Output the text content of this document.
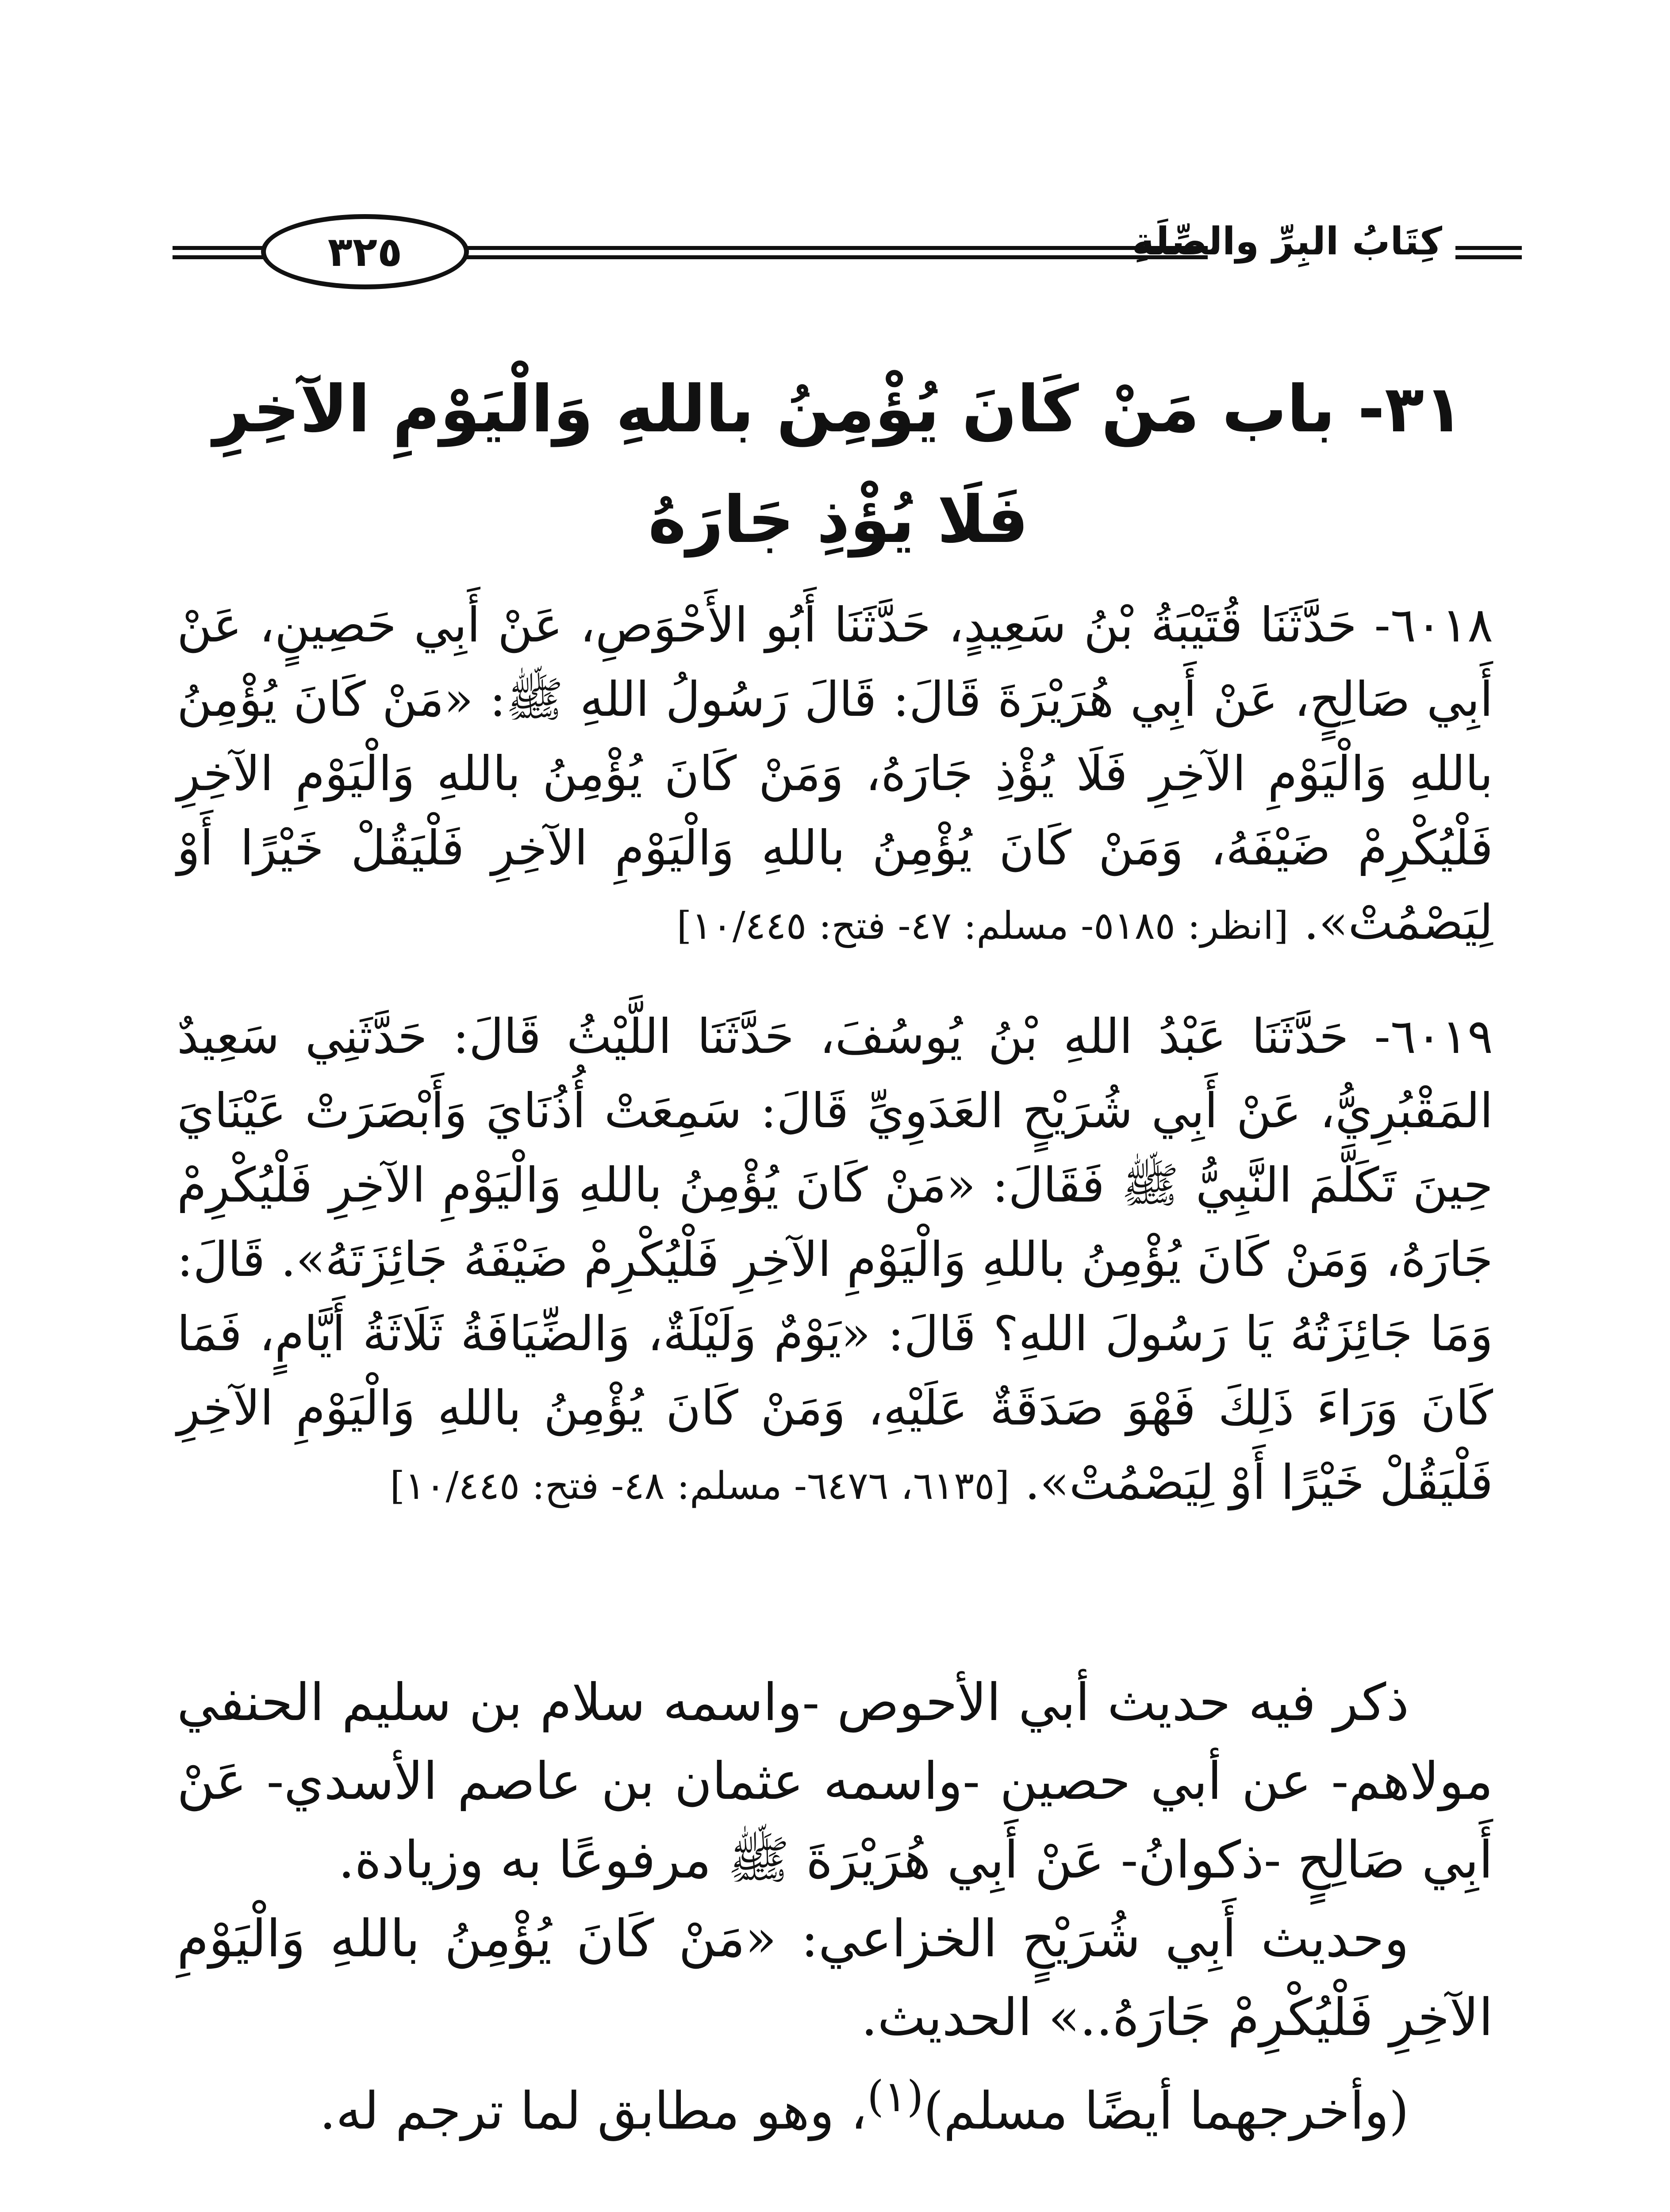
٣٢٥	كِتَابُ البِرِّ والصِّلَةِ
٣١- باب مَنْ كَانَ يُؤْمِنُ باللهِ وَالْيَوْمِ الآخِرِ
فَلَا يُؤْذِ جَارَهُ
٦٠١٨- حَدَّثَنَا قُتَيْبَةُ بْنُ سَعِيدٍ، حَدَّثَنَا أَبُو الأَحْوَصِ، عَنْ أَبِي حَصِينٍ، عَنْ أَبِي صَالِحٍ، عَنْ أَبِي هُرَيْرَةَ قَالَ: قَالَ رَسُولُ اللهِ ﷺ: «مَنْ كَانَ يُؤْمِنُ باللهِ وَالْيَوْمِ الآخِرِ فَلَا يُؤْذِ جَارَهُ، وَمَنْ كَانَ يُؤْمِنُ باللهِ وَالْيَوْمِ الآخِرِ فَلْيُكْرِمْ ضَيْفَهُ، وَمَنْ كَانَ يُؤْمِنُ باللهِ وَالْيَوْمِ الآخِرِ فَلْيَقُلْ خَيْرًا أَوْ لِيَصْمُتْ». [انظر: ٥١٨٥- مسلم: ٤٧- فتح: ١٠/٤٤٥]
٦٠١٩- حَدَّثَنَا عَبْدُ اللهِ بْنُ يُوسُفَ، حَدَّثَنَا اللَّيْثُ قَالَ: حَدَّثَنِي سَعِيدٌ المَقْبُرِيُّ، عَنْ أَبِي شُرَيْحٍ العَدَوِيِّ قَالَ: سَمِعَتْ أُذُنَايَ وَأَبْصَرَتْ عَيْنَايَ حِينَ تَكَلَّمَ النَّبِيُّ ﷺ فَقَالَ: «مَنْ كَانَ يُؤْمِنُ باللهِ وَالْيَوْمِ الآخِرِ فَلْيُكْرِمْ جَارَهُ، وَمَنْ كَانَ يُؤْمِنُ باللهِ وَالْيَوْمِ الآخِرِ فَلْيُكْرِمْ ضَيْفَهُ جَائِزَتَهُ». قَالَ: وَمَا جَائِزَتُهُ يَا رَسُولَ اللهِ؟ قَالَ: «يَوْمٌ وَلَيْلَةٌ، وَالضِّيَافَةُ ثَلَاثَةُ أَيَّامٍ، فَمَا كَانَ وَرَاءَ ذَلِكَ فَهْوَ صَدَقَةٌ عَلَيْهِ، وَمَنْ كَانَ يُؤْمِنُ باللهِ وَالْيَوْمِ الآخِرِ فَلْيَقُلْ خَيْرًا أَوْ لِيَصْمُتْ». [٦١٣٥، ٦٤٧٦- مسلم: ٤٨- فتح: ١٠/٤٤٥]

ذكر فيه حديث أبي الأحوص -واسمه سلام بن سليم الحنفي مولاهم- عن أبي حصين -واسمه عثمان بن عاصم الأسدي- عَنْ أَبِي صَالِحٍ -ذكوانُ- عَنْ أَبِي هُرَيْرَةَ ﷺ مرفوعًا به وزيادة.

وحديث أَبِي شُرَيْحٍ الخزاعي: «مَنْ كَانَ يُؤْمِنُ باللهِ وَالْيَوْمِ الآخِرِ فَلْيُكْرِمْ جَارَهُ..» الحديث.

(وأخرجهما أيضًا مسلم)$^{(١)}$، وهو مطابق لما ترجم له.
